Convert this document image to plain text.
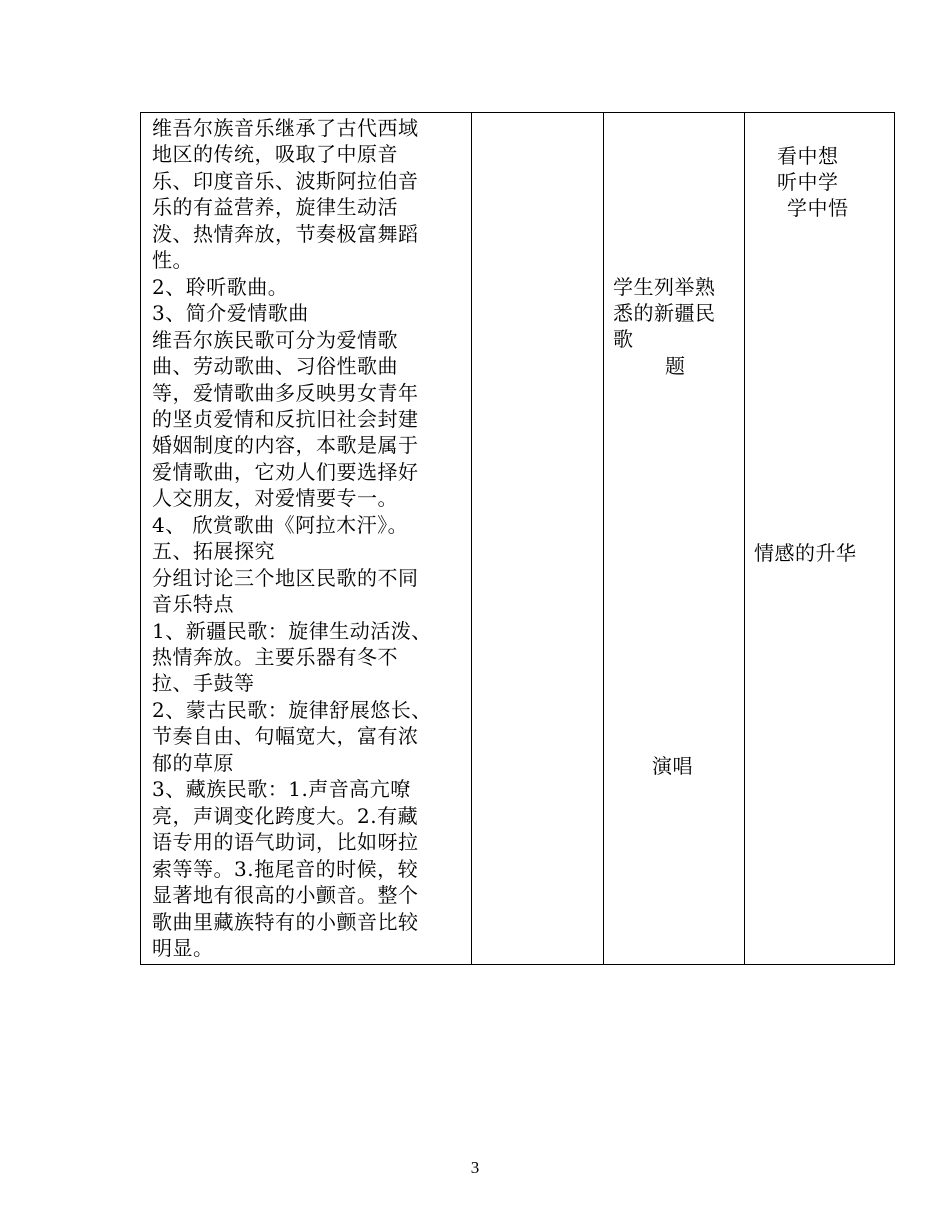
维吾尔族音乐继承了古代西域
地区的传统，吸取了中原音
乐、印度音乐、波斯阿拉伯音
乐的有益营养，旋律生动活
泼、热情奔放，节奏极富舞蹈
性。
2、聆听歌曲。
3、简介爱情歌曲
维吾尔族民歌可分为爱情歌
曲、劳动歌曲、习俗性歌曲
等，爱情歌曲多反映男女青年
的坚贞爱情和反抗旧社会封建
婚姻制度的内容，本歌是属于
爱情歌曲，它劝人们要选择好
人交朋友，对爱情要专一。
4、 欣赏歌曲《阿拉木汗》。
五、拓展探究
分组讨论三个地区民歌的不同
音乐特点
1、新疆民歌：旋律生动活泼、
热情奔放。主要乐器有冬不
拉、手鼓等
2、蒙古民歌：旋律舒展悠长、
节奏自由、句幅宽大，富有浓
郁的草原
3、藏族民歌：1.声音高亢嘹
亮，声调变化跨度大。2.有藏
语专用的语气助词，比如呀拉
索等等。3.拖尾音的时候，较
显著地有很高的小颤音。整个
歌曲里藏族特有的小颤音比较
明显。
学生列举熟
悉的新疆民
歌
题
演唱
看中想
听中学
学中悟
情感的升华
3
